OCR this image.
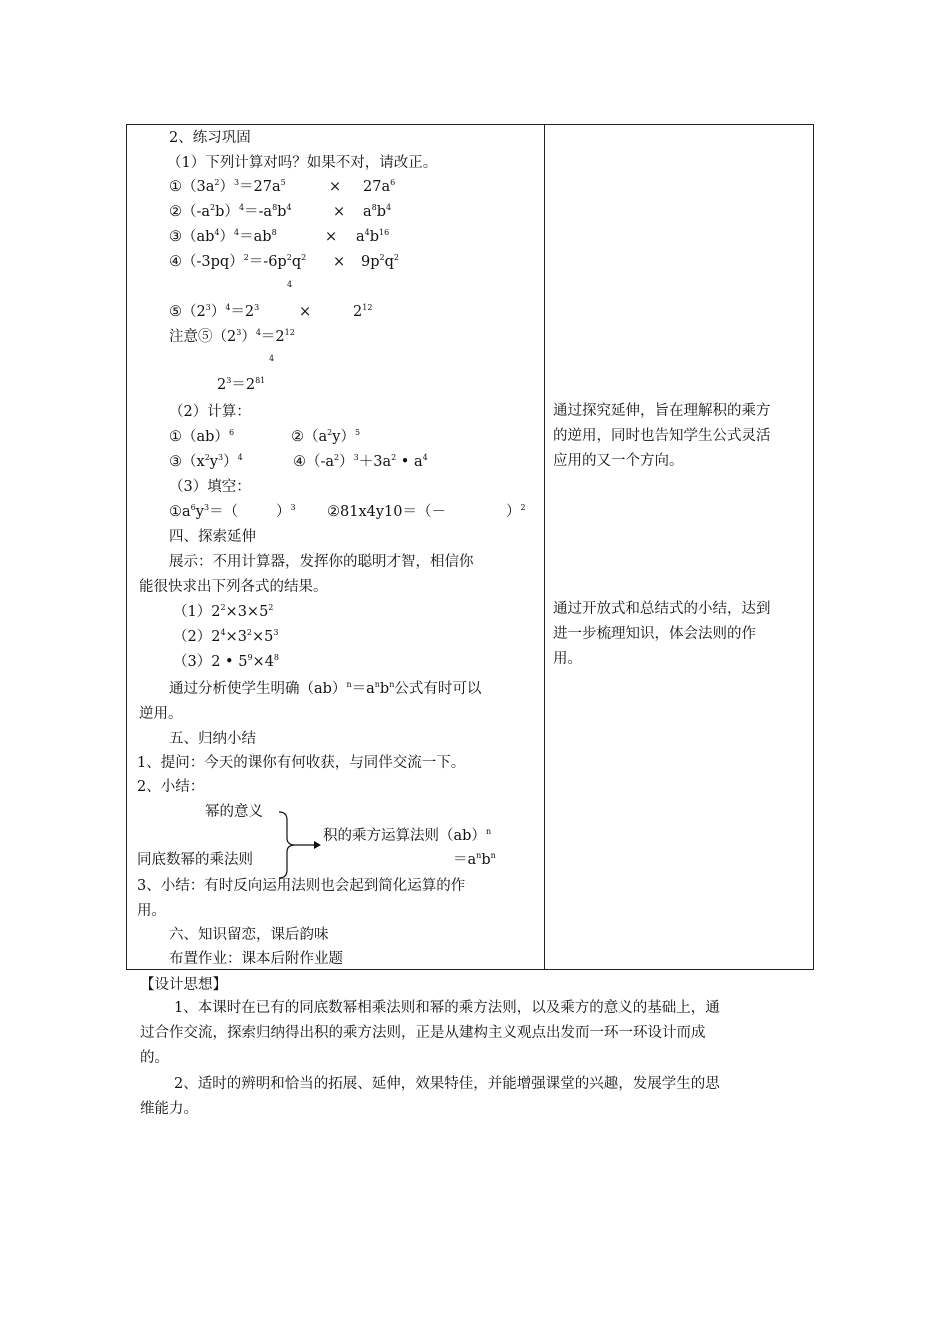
2、练习巩固
（1）下列计算对吗？如果不对，请改正。
$①(3a^2)^3=27a^5$	× $27a^6$
$②(-a^2b)^4=-a^8b^4$	× $a^8b^4$
$③(ab^4)^4=ab^8$	× $a^4b^{16}$
$④(-3pq)^2=-6p^2q^2 \times 9p^2q^2$
4
$⑤(2^3)^4=2^3$	×	$2^{12}$
注意$⑤(2^3)^4=2^{12}$
4
$2^3=2^{81}$
（2）计算：
①（ab）$^6$	$②(a^2y)^5$
$③(x^2y^3)^4$	$④(-a^2)^3+3a^2$ • $a^4$
（3）填空：
$①a^6y^3=$（	）$^3$ ②81x4y10＝（－	）$^2$
四、探索延伸
展示：不用计算器，发挥你的聪明才智，相信你
能很快求出下列各式的结果。
$(1)2^2\times 3\times 5^2$
$(2)2^4\times 3^2\times 5^3$
（3）2 • $5^9\times 4^8$
通过分析使学生明确$(ab)^n=a^nb^n$公式有时可以
逆用。
五、归纳小结
1、提问：今天的课你有何收获，与同伴交流一下。
2、小结：
幂的意义
同底数幂的乘法则
积的乘方运算法则（ab）$^n$
$=a^nb^n$
3、小结：有时反向运用法则也会起到简化运算的作
用。
六、知识留恋，课后韵味
布置作业：课本后附作业题
通过探究延伸，旨在理解积的乘方
的逆用，同时也告知学生公式灵活
应用的又一个方向。
通过开放式和总结式的小结，达到
进一步梳理知识，体会法则的作
用。
【设计思想】
1、本课时在已有的同底数幂相乘法则和幂的乘方法则，以及乘方的意义的基础上，通
过合作交流，探索归纳得出积的乘方法则，正是从建构主义观点出发而一环一环设计而成
的。
2、适时的辨明和恰当的拓展、延伸，效果特佳，并能增强课堂的兴趣，发展学生的思
维能力。
